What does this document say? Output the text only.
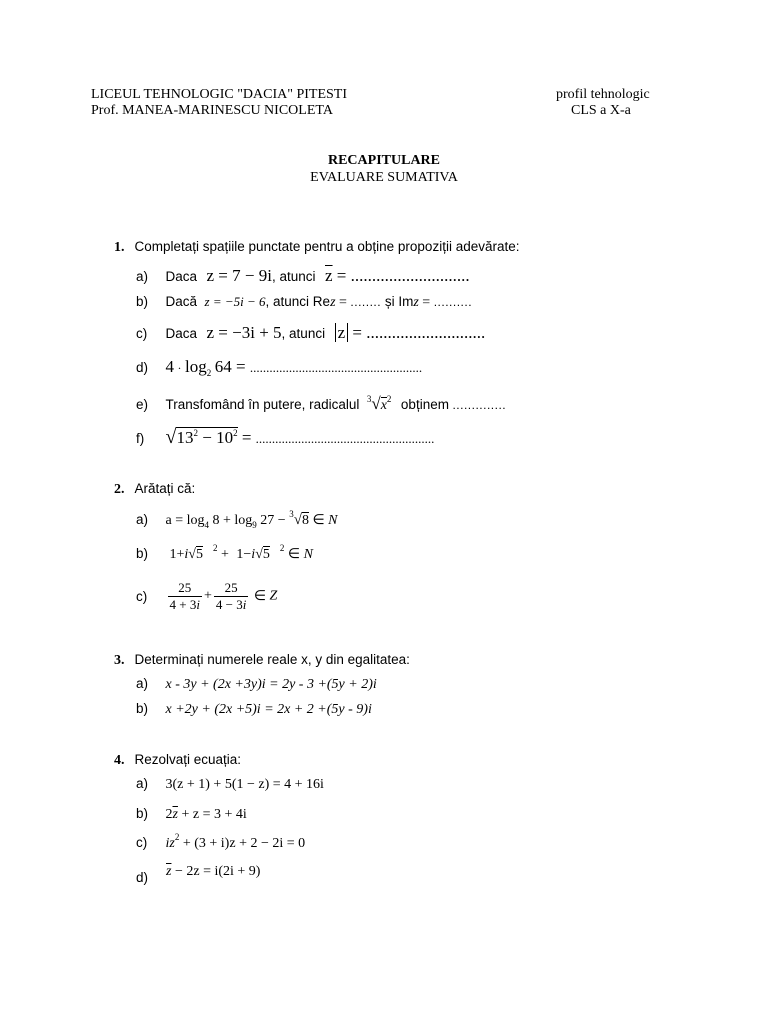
LICEUL TEHNOLOGIC "DACIA" PITESTI
Prof. MANEA-MARINESCU NICOLETA
profil tehnologic
CLS a X-a
RECAPITULARE
EVALUARE SUMATIVA
1. Completați spațiile punctate pentru a obține propoziții adevărate:
a) Daca z = 7 − 9i, atunci $\overline{z}$ = ............................
b) Dacă z = −5i − 6, atunci Rez = ........ și Imz = ..........
c) Daca z = −3i + 5, atunci z = ............................
d) $4 \cdot \log_2 64$ = .....................................................
e) Transfomând în putere, radicalul $^3√x^2$ obținem ..............
f) $√13^2 - 10^2$ = .......................................................
2. Arătați că:
a) $a = \log_4 8 + \log_9 27 - ^3√8$ ∈ N
b) 1+i√5 $^2$ + 1−i√5 $^2$ ∈ N
$c) \frac{25}{4 + 3i} + \frac{25}{4 - 3i}$ ∈ Z
3. Determinați numerele reale x, y din egalitatea:
a) x - 3y + (2x +3y)i = 2y - 3 +(5y + 2)i
b) x +2y + (2x +5)i = 2x + 2 +(5y - 9)i
4. Rezolvați ecuația:
a) 3(z + 1) + 5(1 − z) = 4 + 16i
b) $2\overline{z} + z = 3 + 4i$
c) $iz^2 + (3 + i)z + 2 - 2i = 0$
d)	$\overline{z} - 2z = i(2i + 9)$
